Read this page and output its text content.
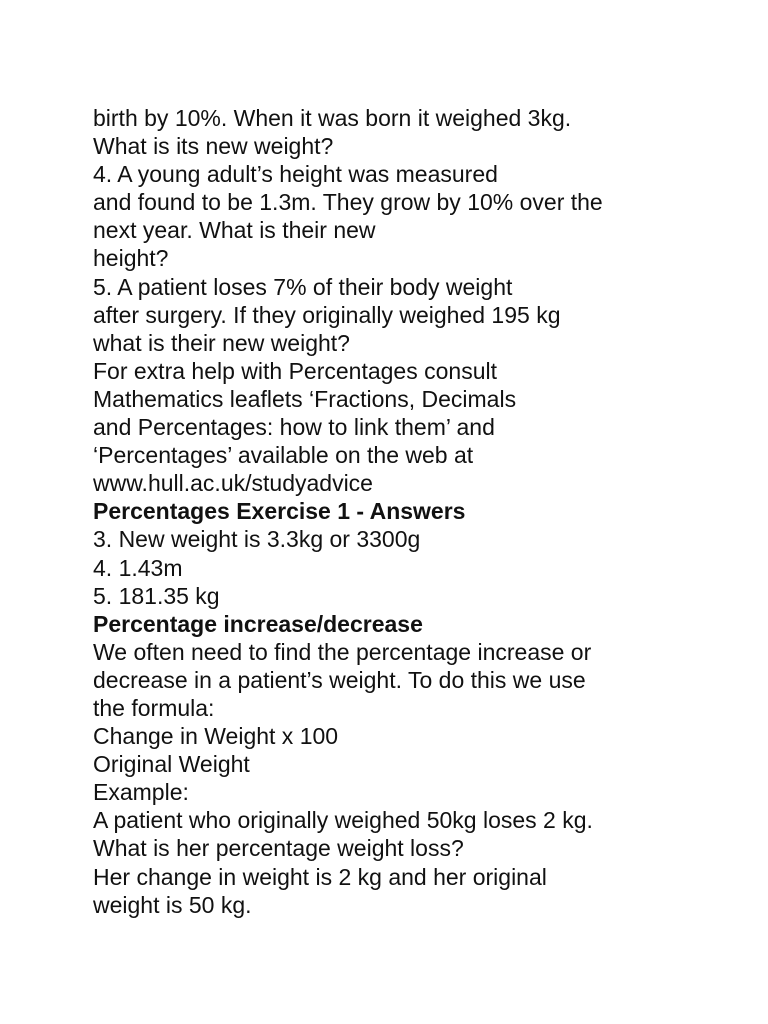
birth by 10%. When it was born it weighed 3kg.
What is its new weight?
4. A young adult’s height was measured
and found to be 1.3m. They grow by 10% over the
next year. What is their new
height?
5. A patient loses 7% of their body weight
after surgery. If they originally weighed 195 kg
what is their new weight?
For extra help with Percentages consult
Mathematics leaflets ‘Fractions, Decimals
and Percentages: how to link them’ and
‘Percentages’ available on the web at
www.hull.ac.uk/studyadvice
Percentages Exercise 1 - Answers
3. New weight is 3.3kg or 3300g
4. 1.43m
5. 181.35 kg
Percentage increase/decrease
We often need to find the percentage increase or
decrease in a patient’s weight. To do this we use
the formula:
Change in Weight x 100
Original Weight
Example:
A patient who originally weighed 50kg loses 2 kg.
What is her percentage weight loss?
Her change in weight is 2 kg and her original
weight is 50 kg.
